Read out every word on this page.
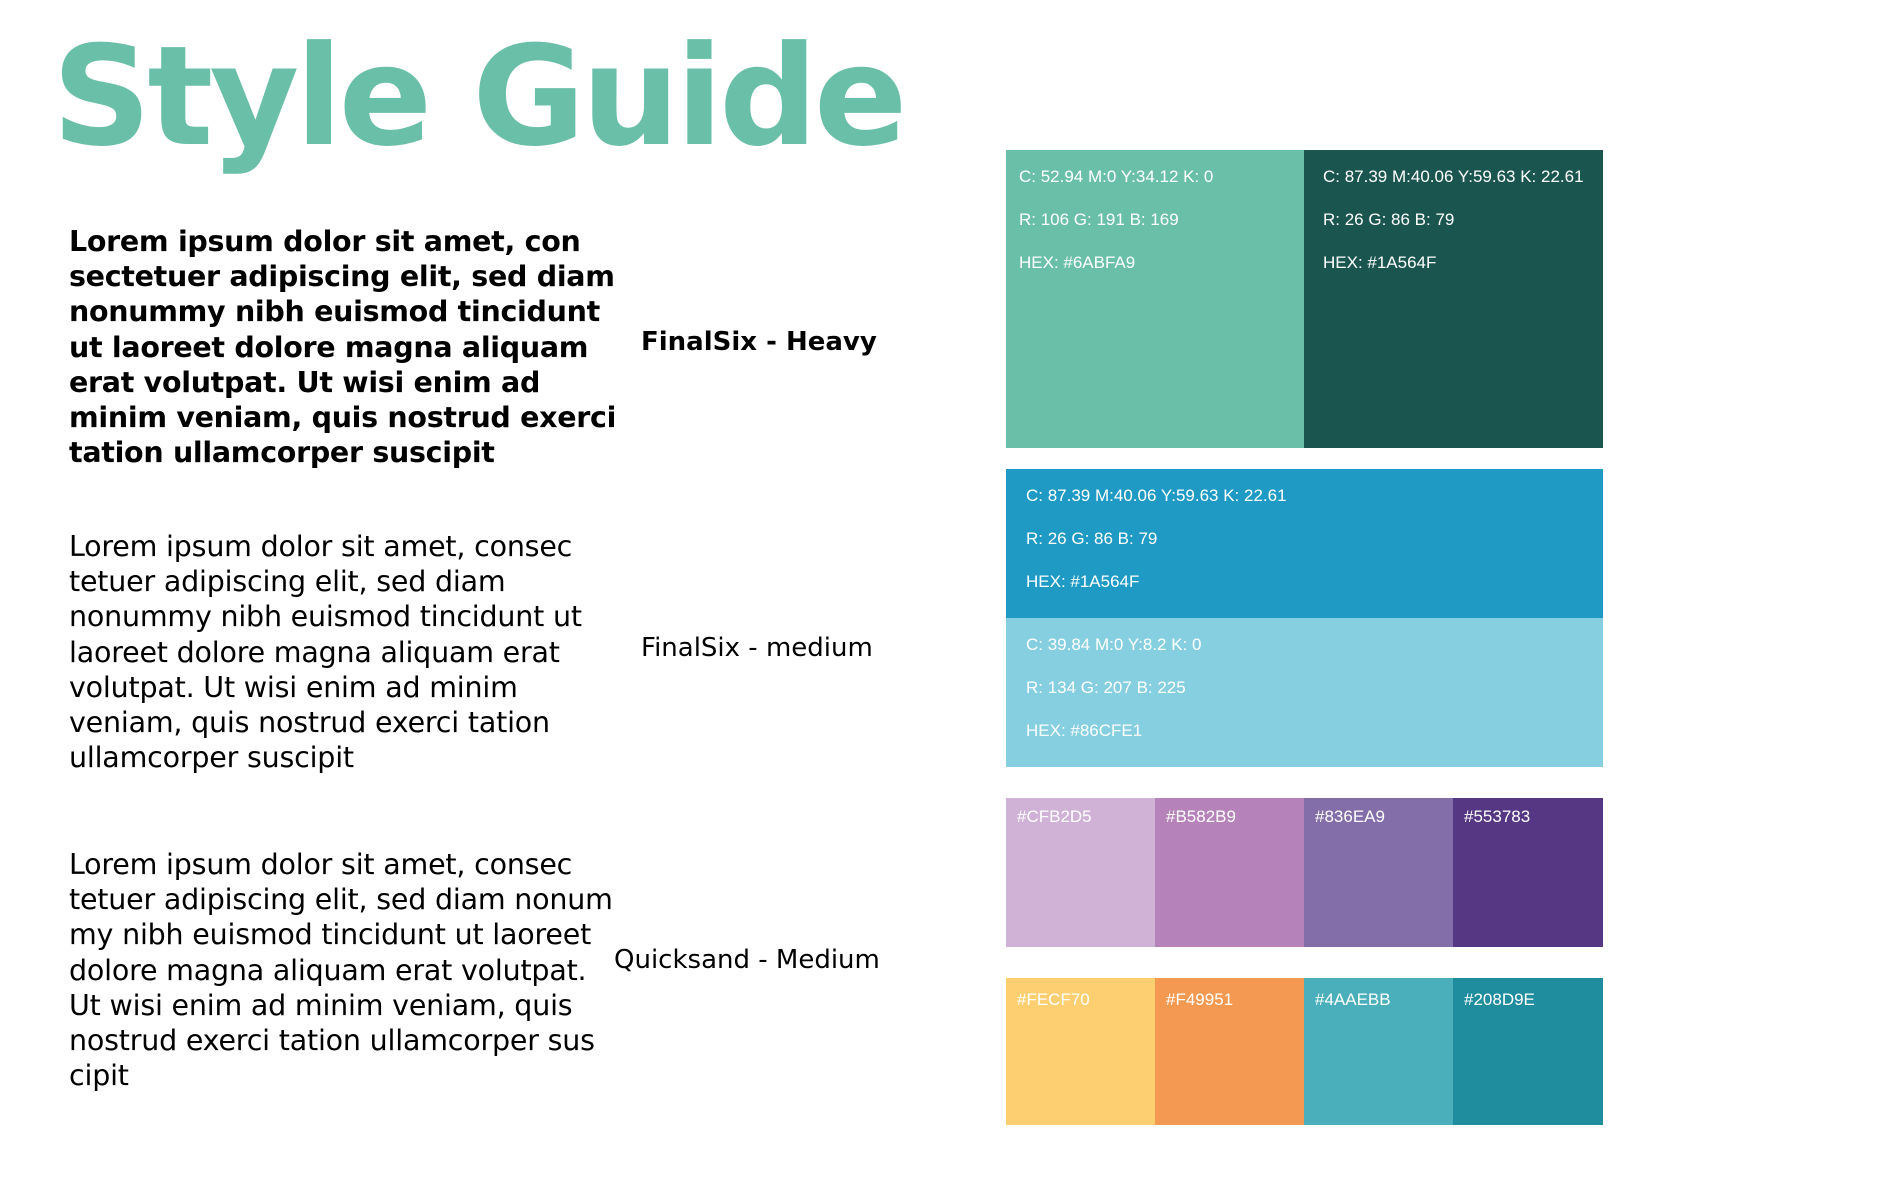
Style Guide

Lorem ipsum dolor sit amet, con
sectetuer adipiscing elit, sed diam
nonummy nibh euismod tincidunt
ut laoreet dolore magna aliquam
erat volutpat. Ut wisi enim ad
minim veniam, quis nostrud exerci
tation ullamcorper suscipit

FinalSix - Heavy

Lorem ipsum dolor sit amet, consec
tetuer adipiscing elit, sed diam
nonummy nibh euismod tincidunt ut
laoreet dolore magna aliquam erat
volutpat. Ut wisi enim ad minim
veniam, quis nostrud exerci tation
ullamcorper suscipit

FinalSix - medium

Lorem ipsum dolor sit amet, consec
tetuer adipiscing elit, sed diam nonum
my nibh euismod tincidunt ut laoreet
dolore magna aliquam erat volutpat.
Ut wisi enim ad minim veniam, quis
nostrud exerci tation ullamcorper sus
cipit

Quicksand - Medium

C: 52.94 M:0 Y:34.12 K: 0
R: 106 G: 191 B: 169
HEX: #6ABFA9
C: 87.39 M:40.06 Y:59.63 K: 22.61
R: 26 G: 86 B: 79
HEX: #1A564F
C: 87.39 M:40.06 Y:59.63 K: 22.61
R: 26 G: 86 B: 79
HEX: #1A564F
C: 39.84 M:0 Y:8.2 K: 0
R: 134 G: 207 B: 225
HEX: #86CFE1
#CFB2D5	#B582B9	#836EA9	#553783
#FECF70	#F49951	#4AAEBB	#208D9E
